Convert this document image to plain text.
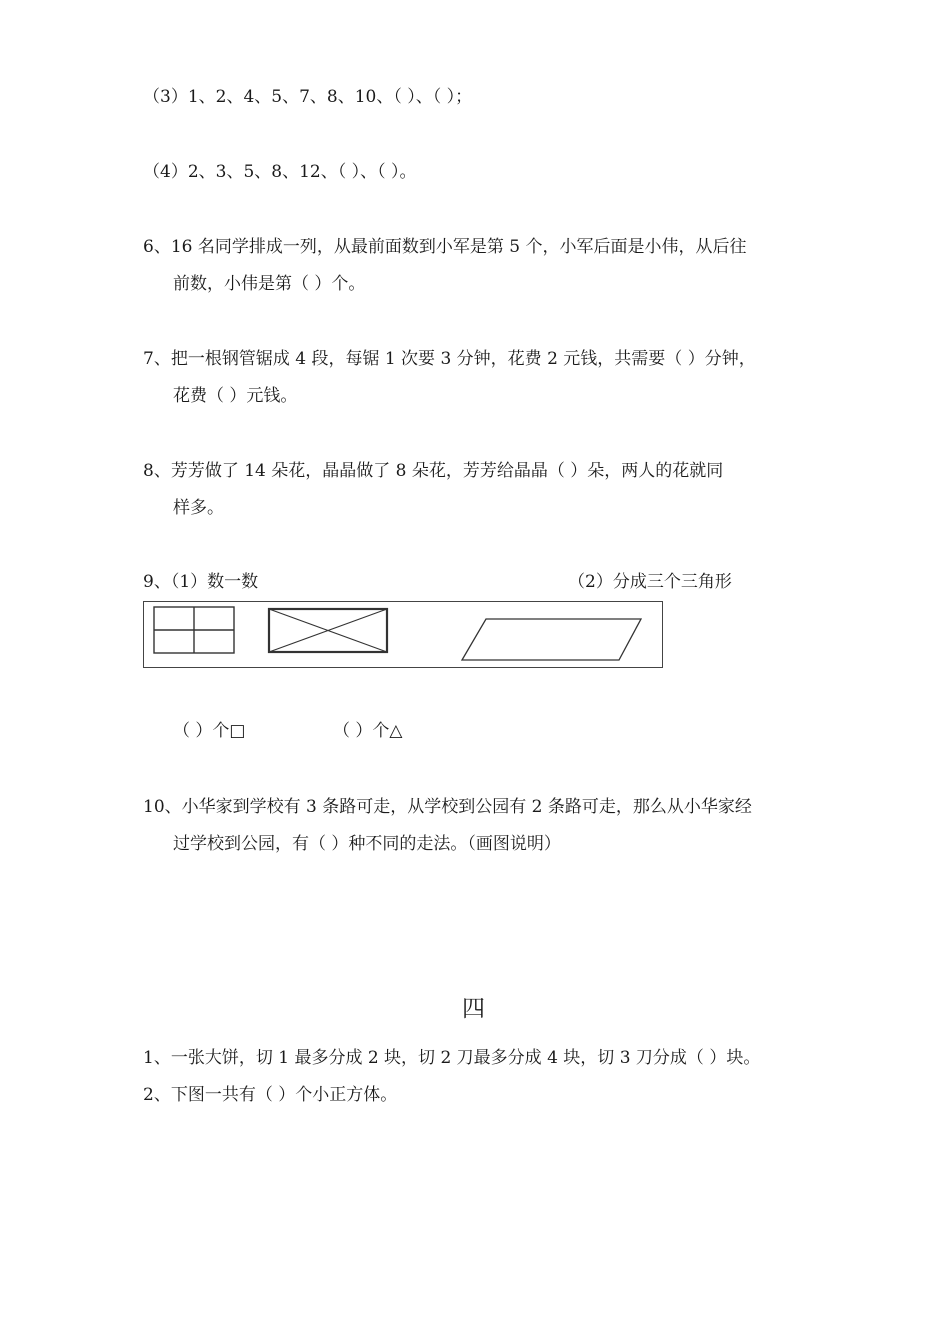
（3）1、2、4、5、7、8、10、（ ）、（ ）；
（4）2、3、5、8、12、（ ）、（ ）。
6、16 名同学排成一列，从最前面数到小军是第 5 个，小军后面是小伟，从后往
前数，小伟是第（ ）个。
7、把一根钢管锯成 4 段，每锯 1 次要 3 分钟，花费 2 元钱，共需要（ ）分钟，
花费（ ）元钱。
8、芳芳做了 14 朵花，晶晶做了 8 朵花，芳芳给晶晶（ ）朵，两人的花就同
样多。
9、（1）数一数	（2）分成三个三角形
（ ）个□	（ ）个△
10、小华家到学校有 3 条路可走，从学校到公园有 2 条路可走，那么从小华家经
过学校到公园，有（ ）种不同的走法。（画图说明）
四
1、一张大饼，切 1 最多分成 2 块，切 2 刀最多分成 4 块，切 3 刀分成（ ）块。
2、下图一共有（ ）个小正方体。
